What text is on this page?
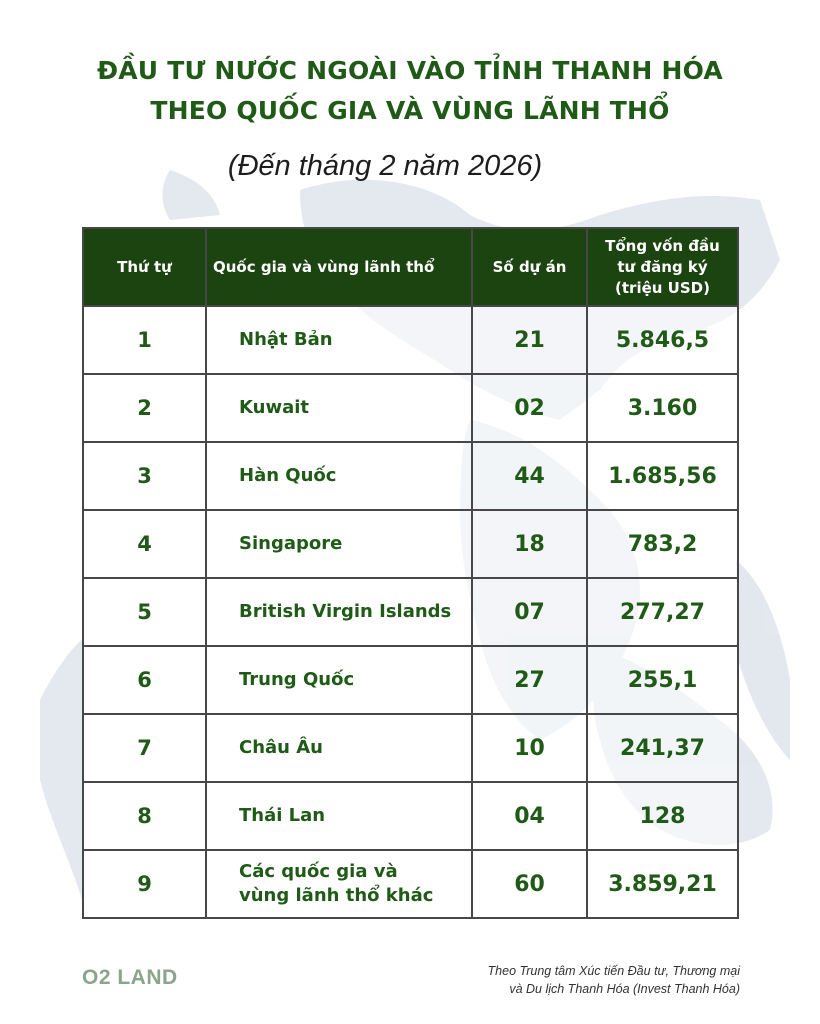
ĐẦU TƯ NƯỚC NGOÀI VÀO TỈNH THANH HÓA
THEO QUỐC GIA VÀ VÙNG LÃNH THỔ
(Đến tháng 2 năm 2026)
Thứ tự	Quốc gia và vùng lãnh thổ	Số dự án	Tổng vốn đầu
tư đăng ký
(triệu USD)

1	Nhật Bản	21	5.846,5
2	Kuwait	02	3.160
3	Hàn Quốc	44	1.685,56
4	Singapore	18	783,2
5	British Virgin Islands	07	277,27
6	Trung Quốc	27	255,1
7	Châu Âu	10	241,37
8	Thái Lan	04	128
9	Các quốc gia và
vùng lãnh thổ khác	60	3.859,21
O2 LAND	Theo Trung tâm Xúc tiến Đầu tư, Thương mại
và Du lịch Thanh Hóa (Invest Thanh Hóa)
